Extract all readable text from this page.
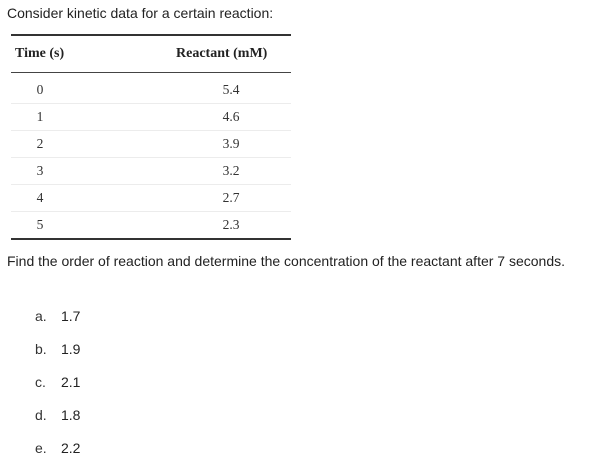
Consider kinetic data for a certain reaction:
Time (s)	Reactant (mM)
0	5.4
1	4.6
2	3.9
3	3.2
4	2.7
5	2.3
Find the order of reaction and determine the concentration of the reactant after 7 seconds.
a.	1.7
b.	1.9
c.	2.1
d.	1.8
e.	2.2
